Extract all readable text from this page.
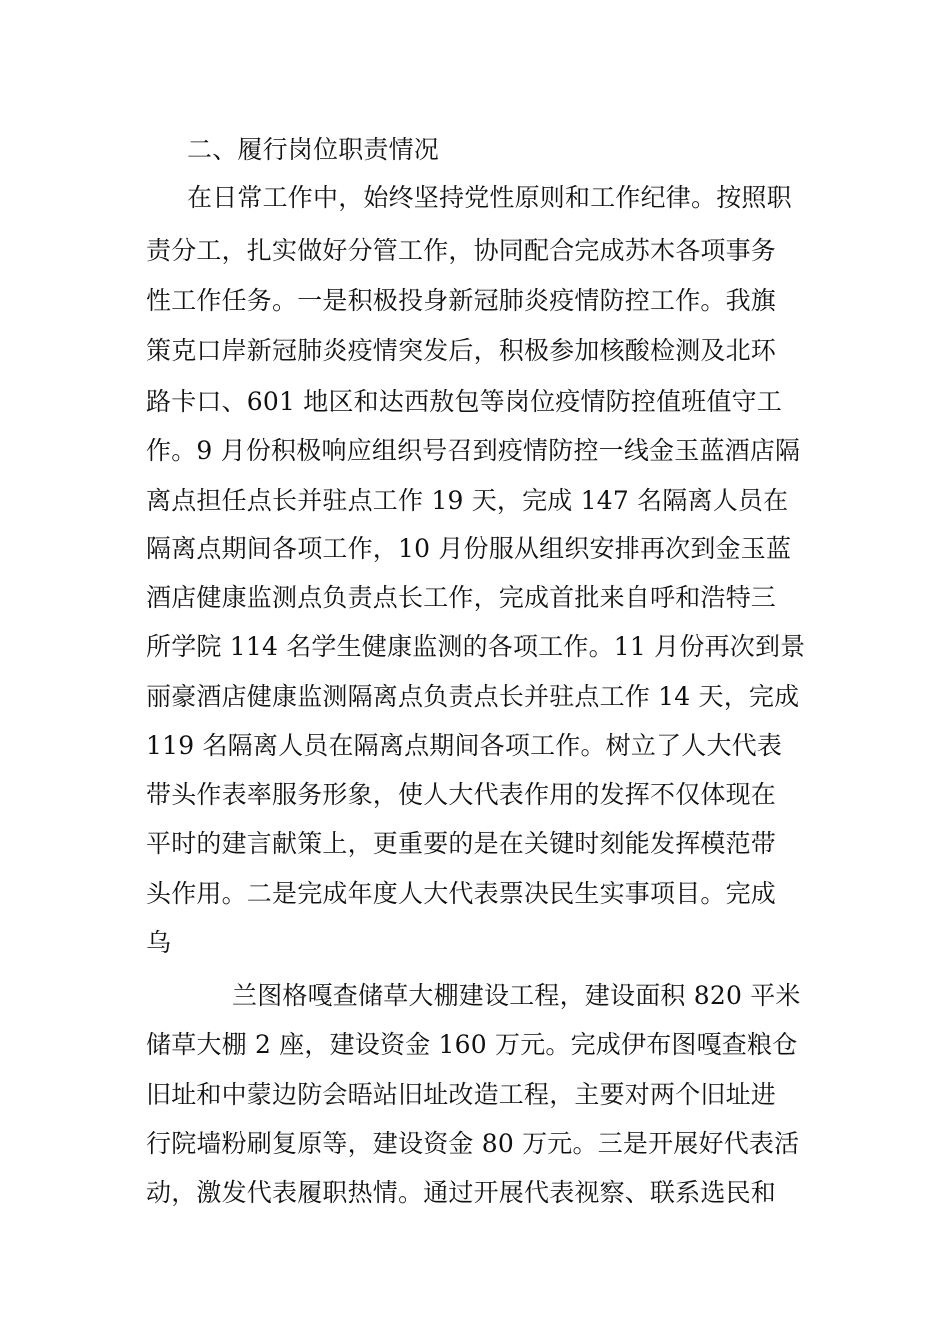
二、履行岗位职责情况
在日常工作中，始终坚持党性原则和工作纪律。按照职
责分工，扎实做好分管工作，协同配合完成苏木各项事务
性工作任务。一是积极投身新冠肺炎疫情防控工作。我旗
策克口岸新冠肺炎疫情突发后，积极参加核酸检测及北环
路卡口、601 地区和达西敖包等岗位疫情防控值班值守工
作。9 月份积极响应组织号召到疫情防控一线金玉蓝酒店隔
离点担任点长并驻点工作 19 天，完成 147 名隔离人员在
隔离点期间各项工作，10 月份服从组织安排再次到金玉蓝
酒店健康监测点负责点长工作，完成首批来自呼和浩特三
所学院 114 名学生健康监测的各项工作。11 月份再次到景
丽豪酒店健康监测隔离点负责点长并驻点工作 14 天，完成
119 名隔离人员在隔离点期间各项工作。树立了人大代表
带头作表率服务形象，使人大代表作用的发挥不仅体现在
平时的建言献策上，更重要的是在关键时刻能发挥模范带
头作用。二是完成年度人大代表票决民生实事项目。完成
乌
兰图格嘎查储草大棚建设工程，建设面积 820 平米
储草大棚 2 座，建设资金 160 万元。完成伊布图嘎查粮仓
旧址和中蒙边防会晤站旧址改造工程，主要对两个旧址进
行院墙粉刷复原等，建设资金 80 万元。三是开展好代表活
动，激发代表履职热情。通过开展代表视察、联系选民和
